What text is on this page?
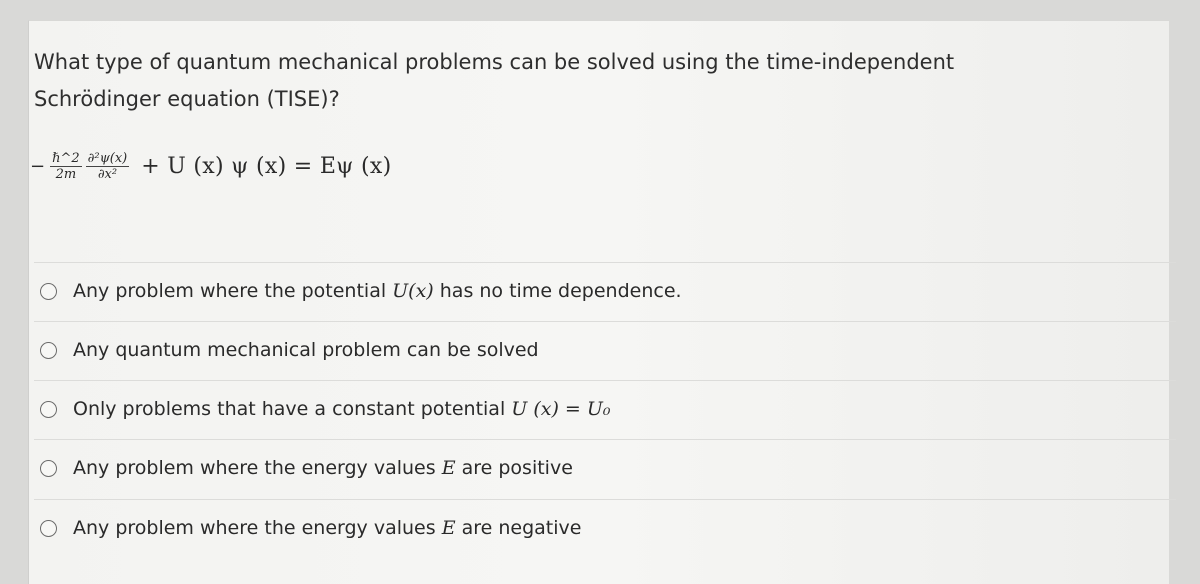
What type of quantum mechanical problems can be solved using the time-independent
Schrödinger equation (TISE)?
− $\frac{\text{ℏ\textasciicircum{}2}}{2m} \frac{\text{∂²ψ(x)}}{\text{∂x²}} + U$ (x) ψ (x) = Eψ (x)
Any problem where the potential U(x) has no time dependence.
Any quantum mechanical problem can be solved
Only problems that have a constant potential U (x) = U₀
Any problem where the energy values E are positive
Any problem where the energy values E are negative
